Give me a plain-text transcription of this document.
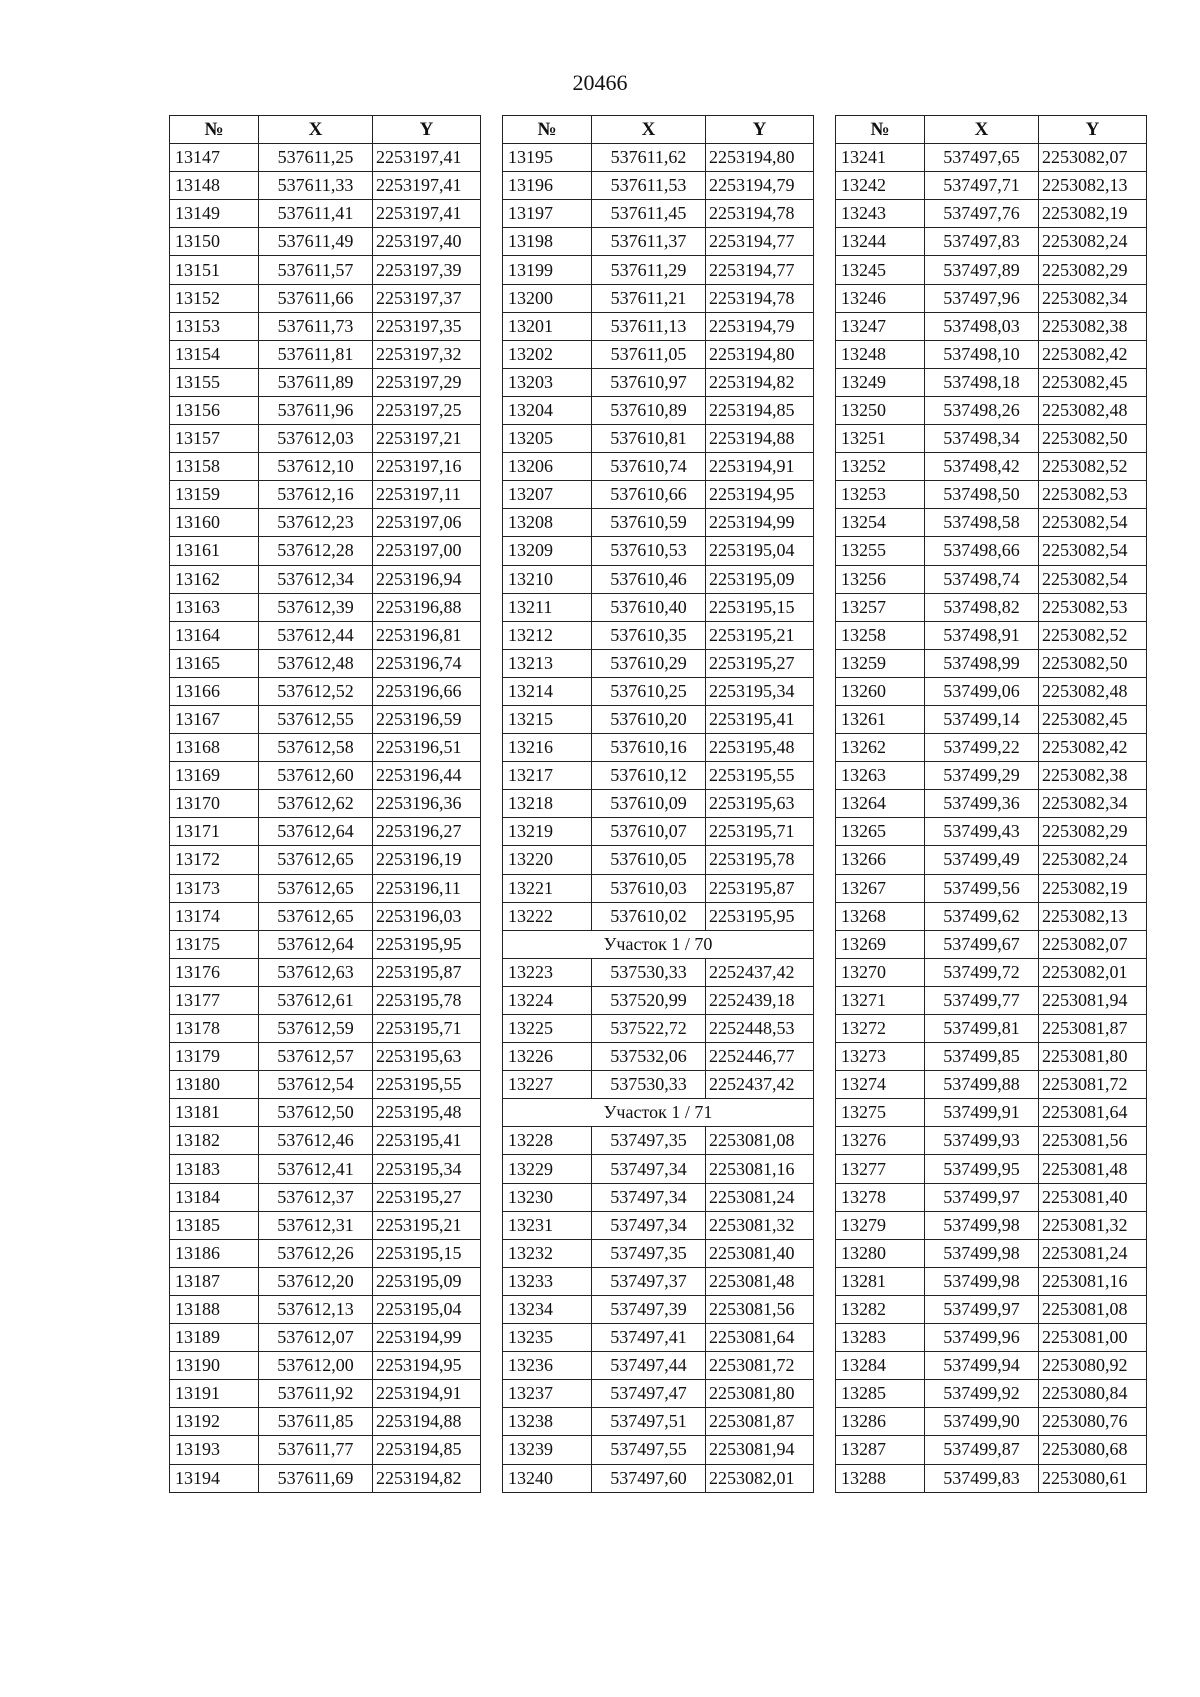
20466
№	X	Y
13147	537611,25	2253197,41
13148	537611,33	2253197,41
13149	537611,41	2253197,41
13150	537611,49	2253197,40
13151	537611,57	2253197,39
13152	537611,66	2253197,37
13153	537611,73	2253197,35
13154	537611,81	2253197,32
13155	537611,89	2253197,29
13156	537611,96	2253197,25
13157	537612,03	2253197,21
13158	537612,10	2253197,16
13159	537612,16	2253197,11
13160	537612,23	2253197,06
13161	537612,28	2253197,00
13162	537612,34	2253196,94
13163	537612,39	2253196,88
13164	537612,44	2253196,81
13165	537612,48	2253196,74
13166	537612,52	2253196,66
13167	537612,55	2253196,59
13168	537612,58	2253196,51
13169	537612,60	2253196,44
13170	537612,62	2253196,36
13171	537612,64	2253196,27
13172	537612,65	2253196,19
13173	537612,65	2253196,11
13174	537612,65	2253196,03
13175	537612,64	2253195,95
13176	537612,63	2253195,87
13177	537612,61	2253195,78
13178	537612,59	2253195,71
13179	537612,57	2253195,63
13180	537612,54	2253195,55
13181	537612,50	2253195,48
13182	537612,46	2253195,41
13183	537612,41	2253195,34
13184	537612,37	2253195,27
13185	537612,31	2253195,21
13186	537612,26	2253195,15
13187	537612,20	2253195,09
13188	537612,13	2253195,04
13189	537612,07	2253194,99
13190	537612,00	2253194,95
13191	537611,92	2253194,91
13192	537611,85	2253194,88
13193	537611,77	2253194,85
13194	537611,69	2253194,82
№	X	Y
13195	537611,62	2253194,80
13196	537611,53	2253194,79
13197	537611,45	2253194,78
13198	537611,37	2253194,77
13199	537611,29	2253194,77
13200	537611,21	2253194,78
13201	537611,13	2253194,79
13202	537611,05	2253194,80
13203	537610,97	2253194,82
13204	537610,89	2253194,85
13205	537610,81	2253194,88
13206	537610,74	2253194,91
13207	537610,66	2253194,95
13208	537610,59	2253194,99
13209	537610,53	2253195,04
13210	537610,46	2253195,09
13211	537610,40	2253195,15
13212	537610,35	2253195,21
13213	537610,29	2253195,27
13214	537610,25	2253195,34
13215	537610,20	2253195,41
13216	537610,16	2253195,48
13217	537610,12	2253195,55
13218	537610,09	2253195,63
13219	537610,07	2253195,71
13220	537610,05	2253195,78
13221	537610,03	2253195,87
13222	537610,02	2253195,95
Участок 1 / 70		
13223	537530,33	2252437,42
13224	537520,99	2252439,18
13225	537522,72	2252448,53
13226	537532,06	2252446,77
13227	537530,33	2252437,42
Участок 1 / 71		
13228	537497,35	2253081,08
13229	537497,34	2253081,16
13230	537497,34	2253081,24
13231	537497,34	2253081,32
13232	537497,35	2253081,40
13233	537497,37	2253081,48
13234	537497,39	2253081,56
13235	537497,41	2253081,64
13236	537497,44	2253081,72
13237	537497,47	2253081,80
13238	537497,51	2253081,87
13239	537497,55	2253081,94
13240	537497,60	2253082,01
№	X	Y
13241	537497,65	2253082,07
13242	537497,71	2253082,13
13243	537497,76	2253082,19
13244	537497,83	2253082,24
13245	537497,89	2253082,29
13246	537497,96	2253082,34
13247	537498,03	2253082,38
13248	537498,10	2253082,42
13249	537498,18	2253082,45
13250	537498,26	2253082,48
13251	537498,34	2253082,50
13252	537498,42	2253082,52
13253	537498,50	2253082,53
13254	537498,58	2253082,54
13255	537498,66	2253082,54
13256	537498,74	2253082,54
13257	537498,82	2253082,53
13258	537498,91	2253082,52
13259	537498,99	2253082,50
13260	537499,06	2253082,48
13261	537499,14	2253082,45
13262	537499,22	2253082,42
13263	537499,29	2253082,38
13264	537499,36	2253082,34
13265	537499,43	2253082,29
13266	537499,49	2253082,24
13267	537499,56	2253082,19
13268	537499,62	2253082,13
13269	537499,67	2253082,07
13270	537499,72	2253082,01
13271	537499,77	2253081,94
13272	537499,81	2253081,87
13273	537499,85	2253081,80
13274	537499,88	2253081,72
13275	537499,91	2253081,64
13276	537499,93	2253081,56
13277	537499,95	2253081,48
13278	537499,97	2253081,40
13279	537499,98	2253081,32
13280	537499,98	2253081,24
13281	537499,98	2253081,16
13282	537499,97	2253081,08
13283	537499,96	2253081,00
13284	537499,94	2253080,92
13285	537499,92	2253080,84
13286	537499,90	2253080,76
13287	537499,87	2253080,68
13288	537499,83	2253080,61
